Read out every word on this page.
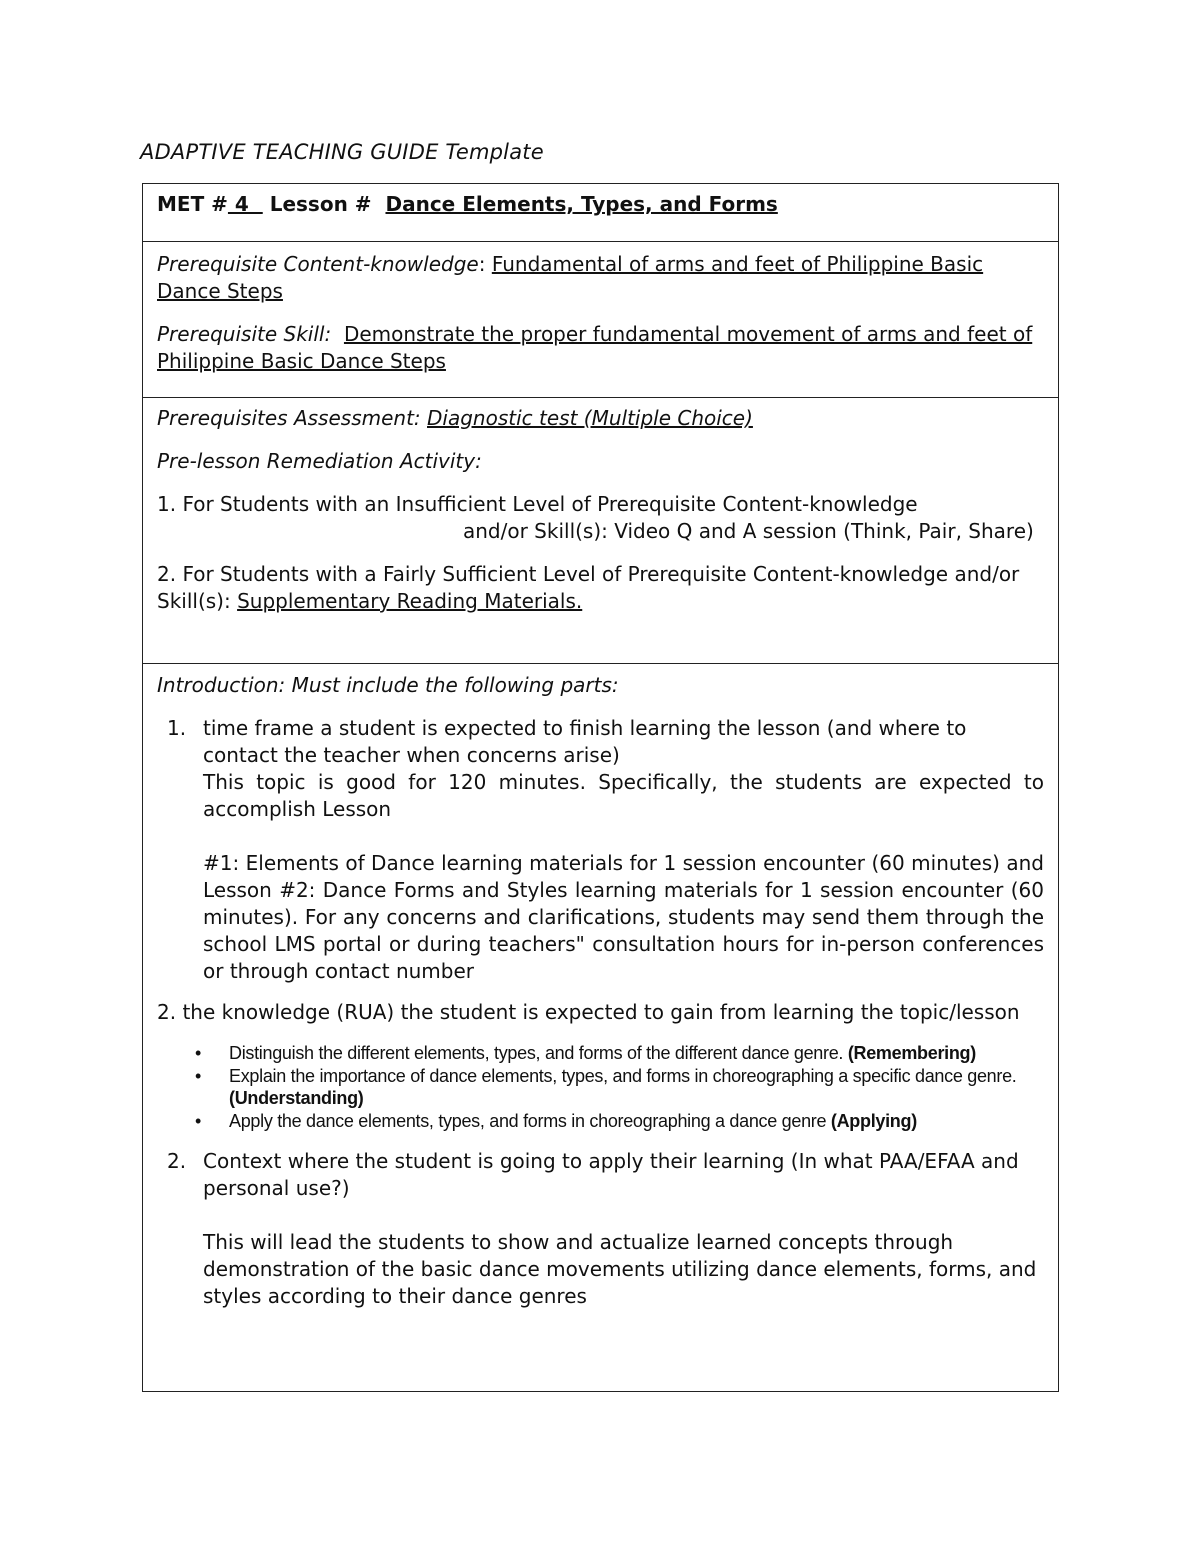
ADAPTIVE TEACHING GUIDE Template
MET # 4   Lesson # Dance Elements, Types, and Forms

Prerequisite Content-knowledge: Fundamental of arms and feet of Philippine Basic Dance Steps

Prerequisite Skill: Demonstrate the proper fundamental movement of arms and feet of Philippine Basic Dance Steps

Prerequisites Assessment: Diagnostic test (Multiple Choice)

Pre-lesson Remediation Activity:

1. For Students with an Insufficient Level of Prerequisite Content-knowledge

and/or Skill(s): Video Q and A session (Think, Pair, Share)

2. For Students with a Fairly Sufficient Level of Prerequisite Content-knowledge and/or Skill(s): Supplementary Reading Materials.

Introduction: Must include the following parts:

1. time frame a student is expected to finish learning the lesson (and where to contact the teacher when concerns arise)
This topic is good for 120 minutes. Specifically, the students are expected to accomplish Lesson
#1: Elements of Dance learning materials for 1 session encounter (60 minutes) and Lesson #2: Dance Forms and Styles learning materials for 1 session encounter (60 minutes). For any concerns and clarifications, students may send them through the school LMS portal or during teachers" consultation hours for in-person conferences or through contact number

2. the knowledge (RUA) the student is expected to gain from learning the topic/lesson

• Distinguish the different elements, types, and forms of the different dance genre. (Remembering)
• Explain the importance of dance elements, types, and forms in choreographing a specific dance genre. (Understanding)
• Apply the dance elements, types, and forms in choreographing a dance genre (Applying)
2. Context where the student is going to apply their learning (In what PAA/EFAA and personal use?)
This will lead the students to show and actualize learned concepts through demonstration of the basic dance movements utilizing dance elements, forms, and styles according to their dance genres
